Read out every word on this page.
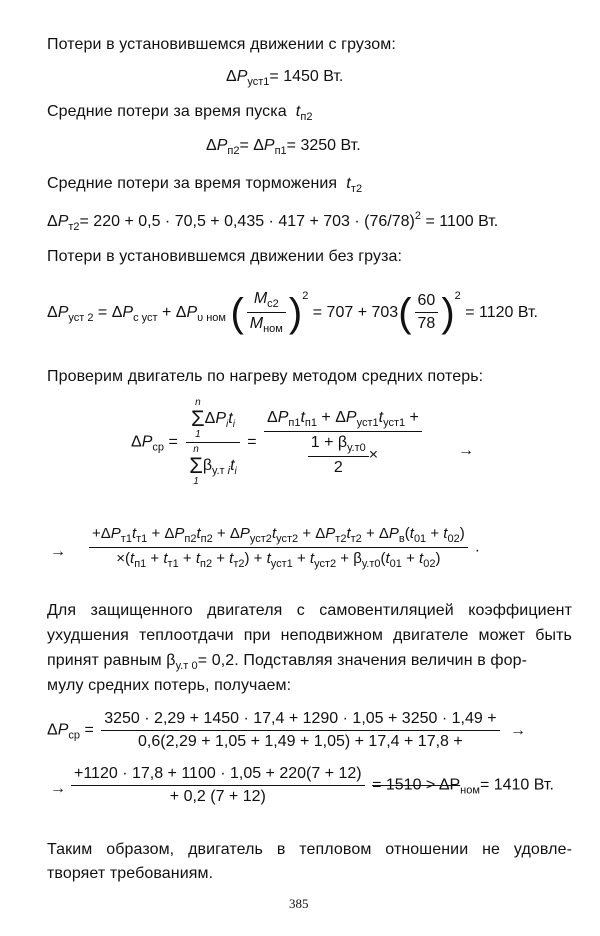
Потери в установившемся движении с грузом:
$\Delta P_{уст1}= 1450$ Вт.
Средние потери за время пуска  $t_{п2}$
$\Delta P_{п2}= \Delta P_{п1}= 3250$ Вт.
Средние потери за время торможения  $t_{т2}$
$\Delta P_{т2}= 220 + 0,5 \cdot 70,5 + 0,435 \cdot 417 + 703 \cdot (76/78)^2 = 1100$ Вт.
Потери в установившемся движении без груза:
$\Delta P_{уст 2} = \Delta P_{с уст} + \Delta P_{\upsilon ном}$ ( $\frac{M_{с2}}{M_{ном}} )^2 = 707 + 703( \frac{60}{78} )^2 = 1120$ Вт.
Проверим двигатель по нагреву методом средних потерь:
$\Delta P_{ср} = n$
Σ
1
$\Delta P_it_i$
n
Σ
1
$\beta_{у.т i}t_i = \frac{\Delta P_{п1}t_{п1} + \Delta P_{уст1}t_{уст1} +}{\frac{1 + \beta_{у.т0}}{2} \times}$ →
→ $\frac{+\Delta P_{т1}t_{т1} + \Delta P_{п2}t_{п2} + \Delta P_{уст2}t_{уст2} + \Delta P_{т2}t_{т2} + \Delta P_в(t_{01} + t_{02})}{\times(t_{п1} + t_{т1} + t_{п2} + t_{т2}) + t_{уст1} + t_{уст2} + \beta_{у.т0}(t_{01} + t_{02})}$ .
Для защищенного двигателя с самовентиляцией коэффициент
ухудшения теплоотдачи при неподвижном двигателе может быть
принят равным $\beta_{у.т 0}= 0,2$. Подставляя значения величин в фор-
мулу средних потерь, получаем:
$\Delta P_{ср} = \frac{3250 \cdot 2,29 + 1450 \cdot 17,4 + 1290 \cdot 1,05 + 3250 \cdot 1,49 +}{0,6(2,29 + 1,05 + 1,49 + 1,05) + 17,4 + 17,8 +}$ →
→ $\frac{+1120 \cdot 17,8 + 1100 \cdot 1,05 + 220(7 + 12)}{+ 0,2 (7 + 12)} = 1510 > \Delta P_{ном}= 1410$ Вт.
Таким образом, двигатель в тепловом отношении не удовле-
творяет требованиям.
385
